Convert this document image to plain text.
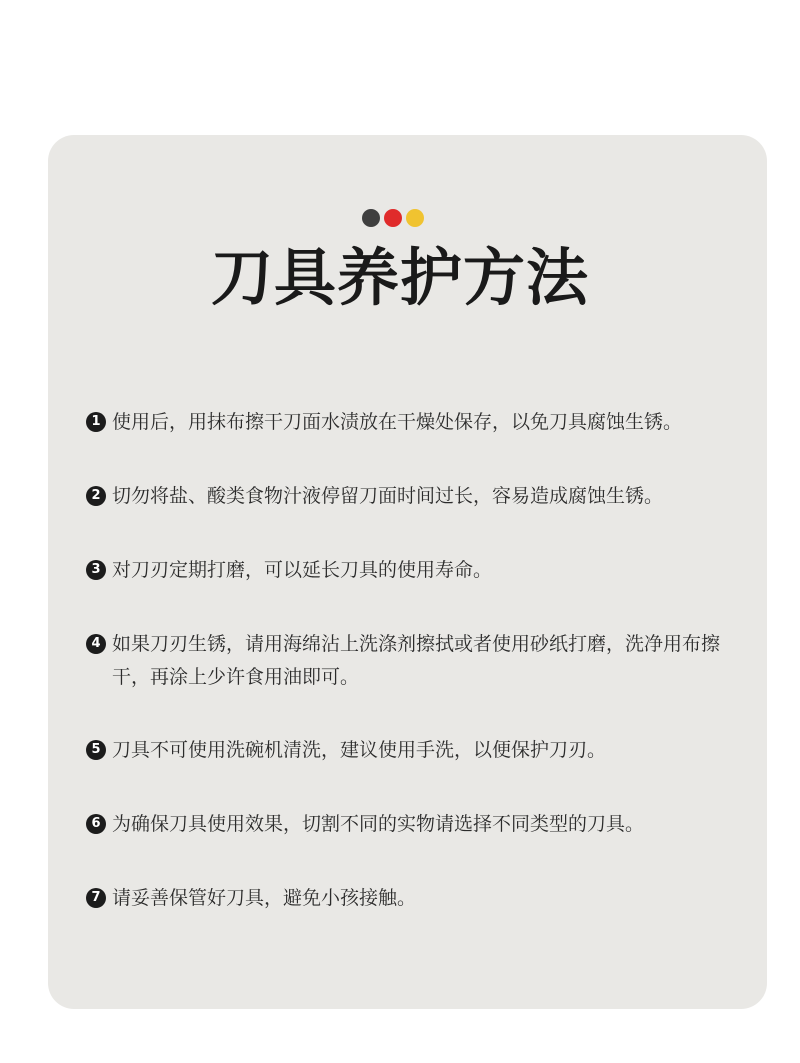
刀具养护方法
1 使用后，用抹布擦干刀面水渍放在干燥处保存，以免刀具腐蚀生锈。
2 切勿将盐、酸类食物汁液停留刀面时间过长，容易造成腐蚀生锈。
3 对刀刃定期打磨，可以延长刀具的使用寿命。
4 如果刀刃生锈，请用海绵沾上洗涤剂擦拭或者使用砂纸打磨，洗净用布擦干，再涂上少许食用油即可。
5 刀具不可使用洗碗机清洗，建议使用手洗，以便保护刀刃。
6 为确保刀具使用效果，切割不同的实物请选择不同类型的刀具。
7 请妥善保管好刀具，避免小孩接触。
